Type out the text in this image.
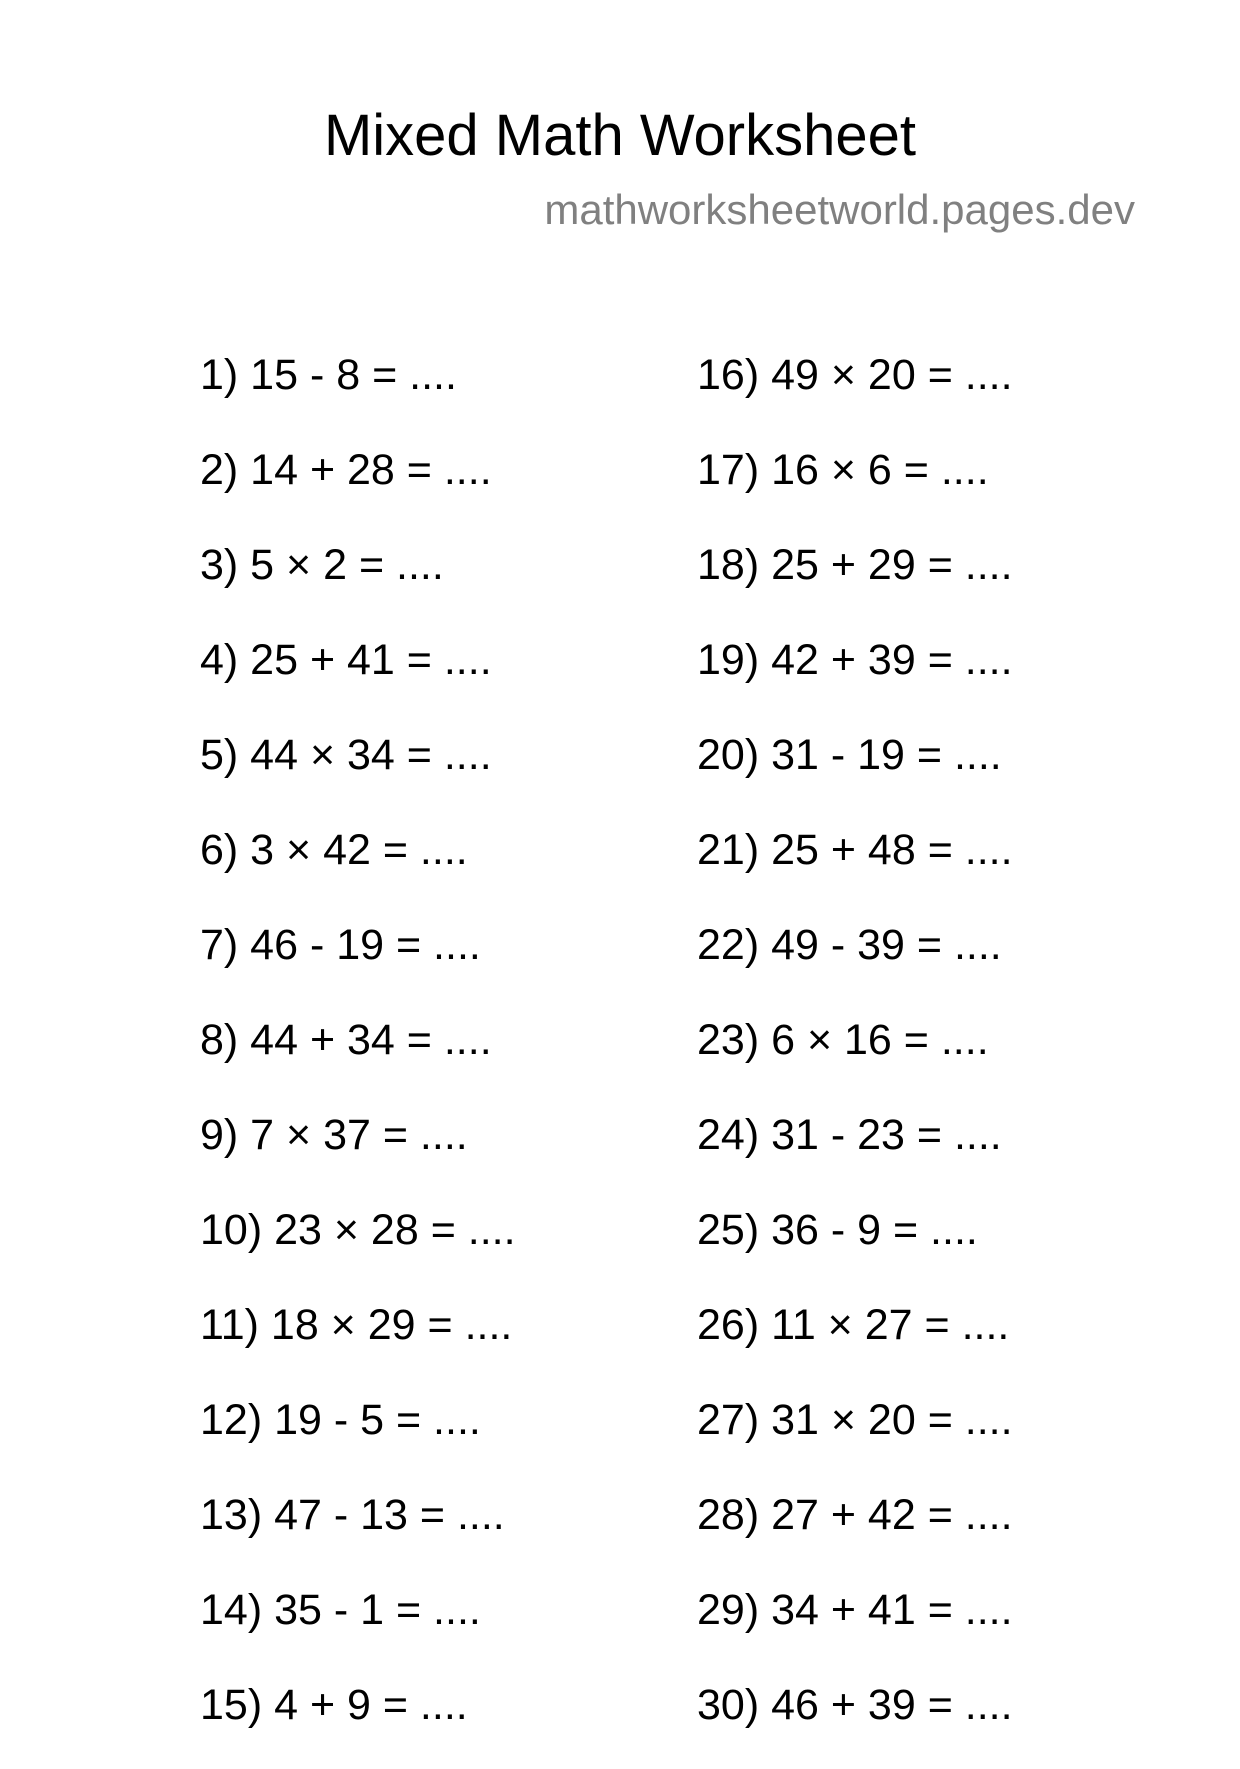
Mixed Math Worksheet
mathworksheetworld.pages.dev
1) 15 - 8 = ....
2) 14 + 28 = ....
3) 5 × 2 = ....
4) 25 + 41 = ....
5) 44 × 34 = ....
6) 3 × 42 = ....
7) 46 - 19 = ....
8) 44 + 34 = ....
9) 7 × 37 = ....
10) 23 × 28 = ....
11) 18 × 29 = ....
12) 19 - 5 = ....
13) 47 - 13 = ....
14) 35 - 1 = ....
15) 4 + 9 = ....
16) 49 × 20 = ....
17) 16 × 6 = ....
18) 25 + 29 = ....
19) 42 + 39 = ....
20) 31 - 19 = ....
21) 25 + 48 = ....
22) 49 - 39 = ....
23) 6 × 16 = ....
24) 31 - 23 = ....
25) 36 - 9 = ....
26) 11 × 27 = ....
27) 31 × 20 = ....
28) 27 + 42 = ....
29) 34 + 41 = ....
30) 46 + 39 = ....
